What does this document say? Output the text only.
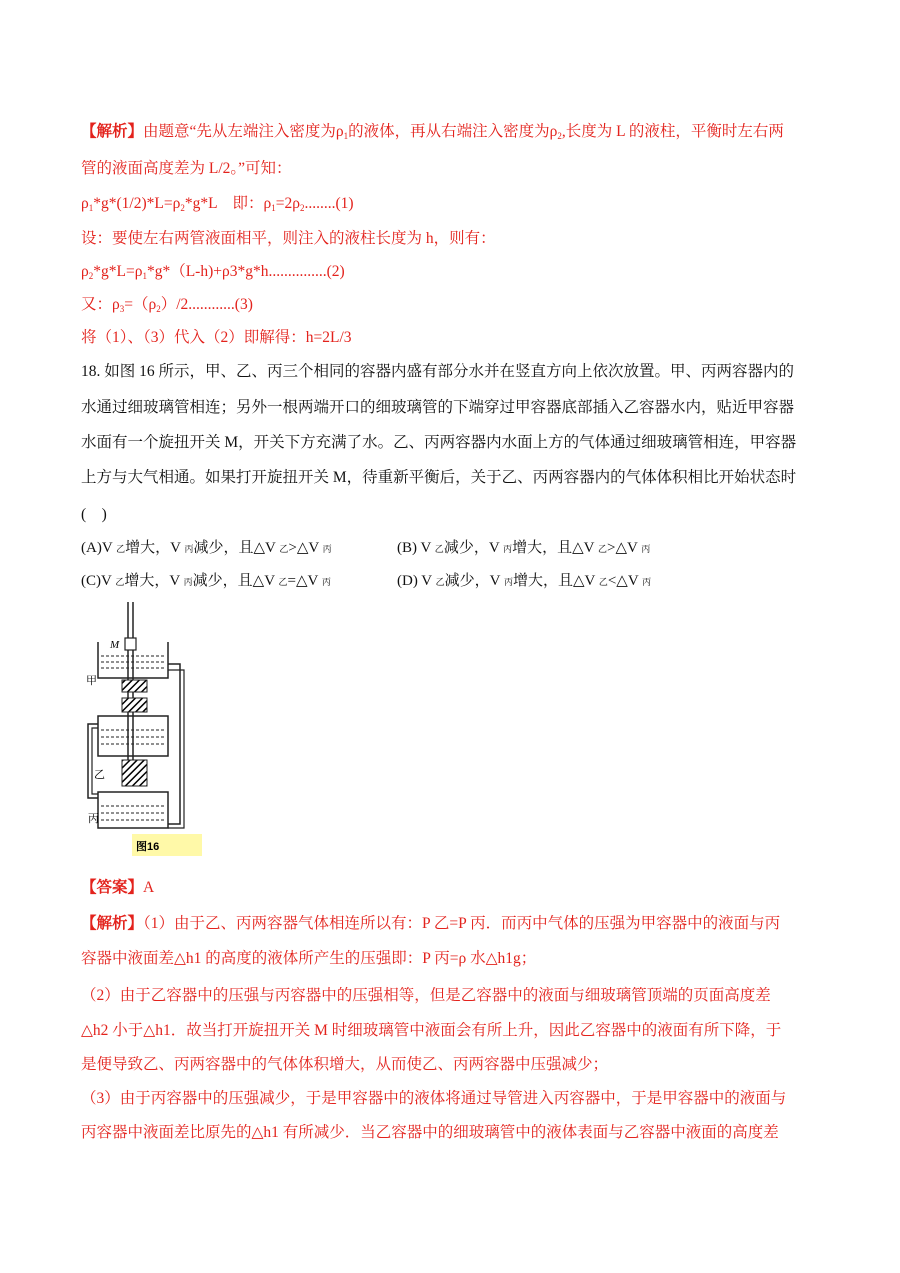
【解析】由题意“先从左端注入密度为$\rho_1$的液体，再从右端注入密度为$\rho_2$,长度为 L 的液柱，平衡时左右两
管的液面高度差为 L/2。”可知：
$\rho_1*g*(1/2)*L=\rho_2*g*L$　即：$\rho_1=2\rho_2........(1)$
设：要使左右两管液面相平，则注入的液柱长度为 h，则有：
$\rho_2*g*L=\rho_1*g*(L-h)+\rho 3*g*h...............(2)$
又：$\rho_3=(\rho_2)/2............(3)$
将（1）、（3）代入（2）即解得：h=2L/3
18. 如图 16 所示，甲、乙、丙三个相同的容器内盛有部分水并在竖直方向上依次放置。甲、丙两容器内的
水通过细玻璃管相连；另外一根两端开口的细玻璃管的下端穿过甲容器底部插入乙容器水内，贴近甲容器
水面有一个旋扭开关 M，开关下方充满了水。乙、丙两容器内水面上方的气体通过细玻璃管相连，甲容器
上方与大气相通。如果打开旋扭开关 M，待重新平衡后，关于乙、丙两容器内的气体体积相比开始状态时
(　)
(A)V 乙增大，V 丙减少，且△V 乙>△V 丙	(B) V 乙减少，V 丙增大，且△V 乙>△V 丙
(C)V 乙增大，V 丙减少，且△V 乙=△V 丙	(D) V 乙减少，V 丙增大，且△V 乙<△V 丙
M
甲
乙
丙
图16
【答案】A
【解析】（1）由于乙、丙两容器气体相连所以有：P 乙=P 丙．而丙中气体的压强为甲容器中的液面与丙
容器中液面差△h1 的高度的液体所产生的压强即：P 丙=ρ 水△h1g；
（2）由于乙容器中的压强与丙容器中的压强相等，但是乙容器中的液面与细玻璃管顶端的页面高度差
△h2 小于△h1．故当打开旋扭开关 M 时细玻璃管中液面会有所上升，因此乙容器中的液面有所下降，于
是便导致乙、丙两容器中的气体体积增大，从而使乙、丙两容器中压强减少；
（3）由于丙容器中的压强减少，于是甲容器中的液体将通过导管进入丙容器中，于是甲容器中的液面与
丙容器中液面差比原先的△h1 有所减少．当乙容器中的细玻璃管中的液体表面与乙容器中液面的高度差
